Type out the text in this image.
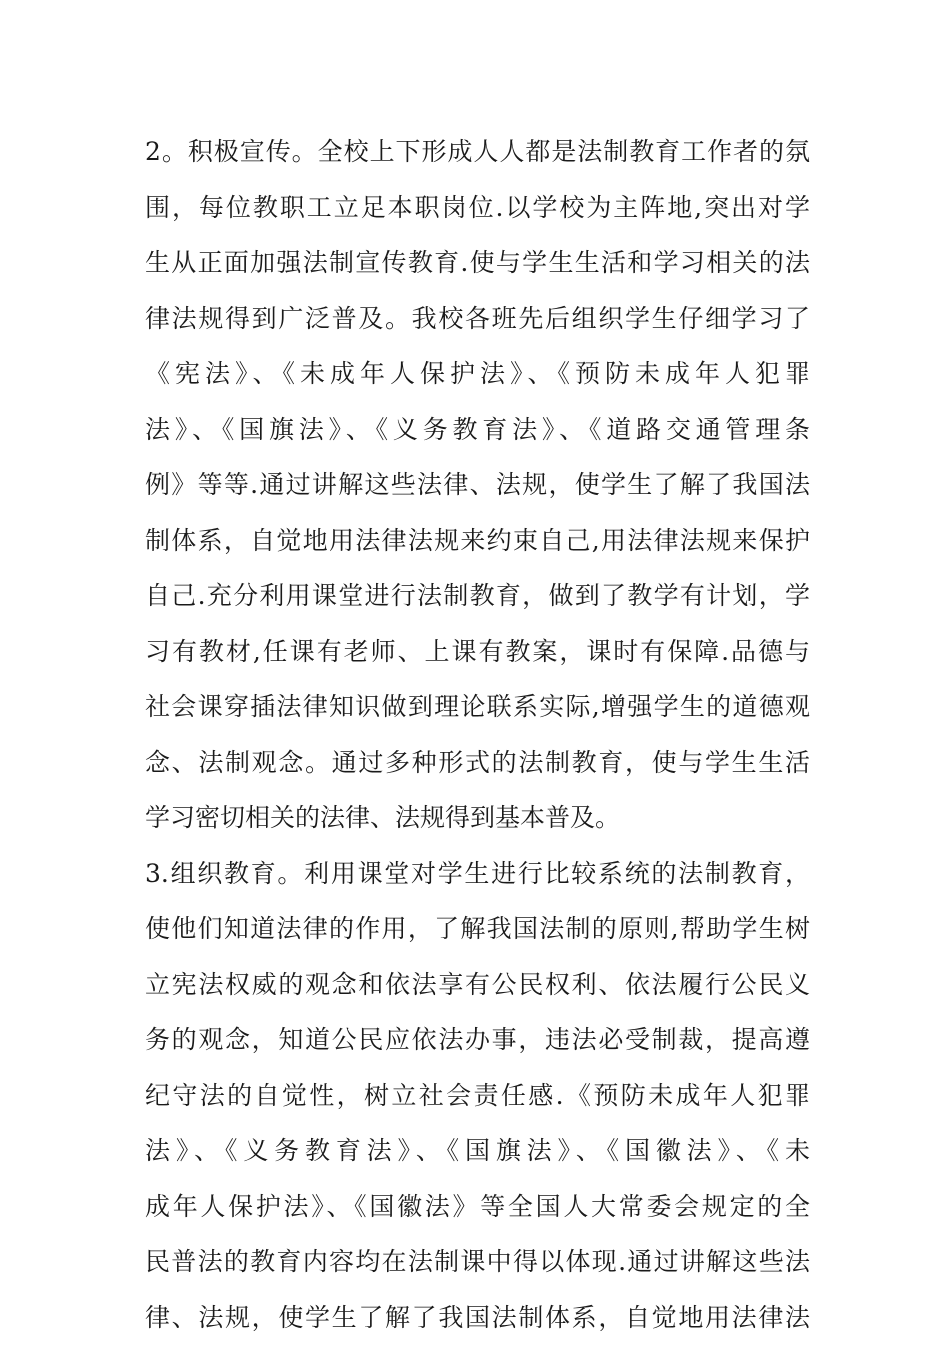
2。积极宣传。全校上下形成人人都是法制教育工作者的氛
围，每位教职工立足本职岗位.以学校为主阵地,突出对学
生从正面加强法制宣传教育.使与学生生活和学习相关的法
律法规得到广泛普及。我校各班先后组织学生仔细学习了
《宪法》、《未成年人保护法》、《预防未成年人犯罪
法》、《国旗法》、《义务教育法》、《道路交通管理条
例》等等.通过讲解这些法律、法规，使学生了解了我国法
制体系，自觉地用法律法规来约束自己,用法律法规来保护
自己.充分利用课堂进行法制教育，做到了教学有计划，学
习有教材,任课有老师、上课有教案，课时有保障.品德与
社会课穿插法律知识做到理论联系实际,增强学生的道德观
念、法制观念。通过多种形式的法制教育，使与学生生活
学习密切相关的法律、法规得到基本普及。
3.组织教育。利用课堂对学生进行比较系统的法制教育，
使他们知道法律的作用，了解我国法制的原则,帮助学生树
立宪法权威的观念和依法享有公民权利、依法履行公民义
务的观念，知道公民应依法办事，违法必受制裁，提高遵
纪守法的自觉性，树立社会责任感.《预防未成年人犯罪
法》、《义务教育法》、《国旗法》、《国徽法》、《未
成年人保护法》、《国徽法》等全国人大常委会规定的全
民普法的教育内容均在法制课中得以体现.通过讲解这些法
律、法规，使学生了解了我国法制体系，自觉地用法律法
